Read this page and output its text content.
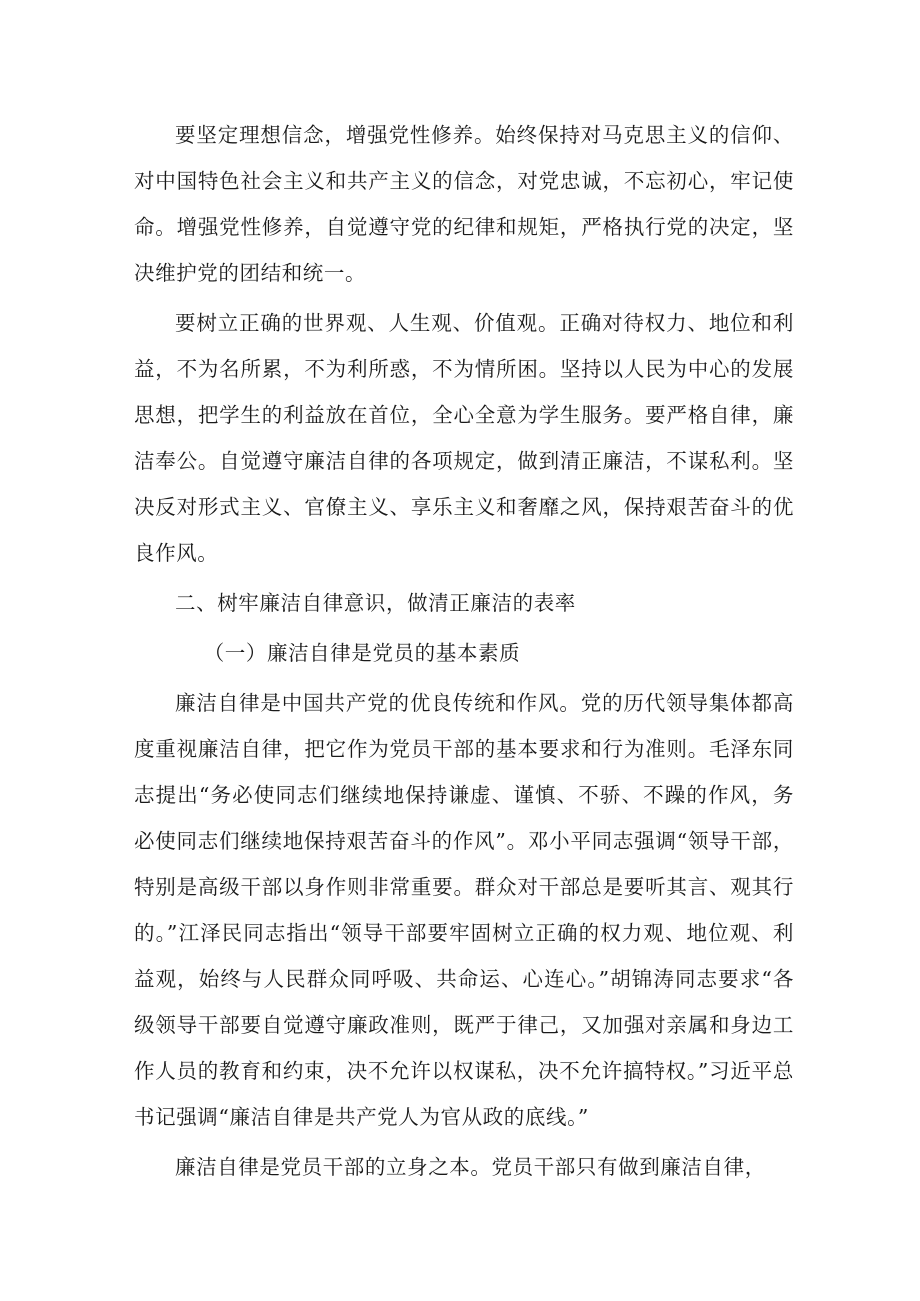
要坚定理想信念，增强党性修养。始终保持对马克思主义的信仰、对中国特色社会主义和共产主义的信念，对党忠诚，不忘初心，牢记使命。增强党性修养，自觉遵守党的纪律和规矩，严格执行党的决定，坚决维护党的团结和统一。

要树立正确的世界观、人生观、价值观。正确对待权力、地位和利益，不为名所累，不为利所惑，不为情所困。坚持以人民为中心的发展思想，把学生的利益放在首位，全心全意为学生服务。要严格自律，廉洁奉公。自觉遵守廉洁自律的各项规定，做到清正廉洁，不谋私利。坚决反对形式主义、官僚主义、享乐主义和奢靡之风，保持艰苦奋斗的优良作风。

二、树牢廉洁自律意识，做清正廉洁的表率

（一）廉洁自律是党员的基本素质

廉洁自律是中国共产党的优良传统和作风。党的历代领导集体都高度重视廉洁自律，把它作为党员干部的基本要求和行为准则。毛泽东同志提出“务必使同志们继续地保持谦虚、谨慎、不骄、不躁的作风，务必使同志们继续地保持艰苦奋斗的作风”。邓小平同志强调“领导干部，特别是高级干部以身作则非常重要。群众对干部总是要听其言、观其行的。”江泽民同志指出“领导干部要牢固树立正确的权力观、地位观、利益观，始终与人民群众同呼吸、共命运、心连心。”胡锦涛同志要求“各级领导干部要自觉遵守廉政准则，既严于律己，又加强对亲属和身边工作人员的教育和约束，决不允许以权谋私，决不允许搞特权。”习近平总书记强调“廉洁自律是共产党人为官从政的底线。”

廉洁自律是党员干部的立身之本。党员干部只有做到廉洁自律，
